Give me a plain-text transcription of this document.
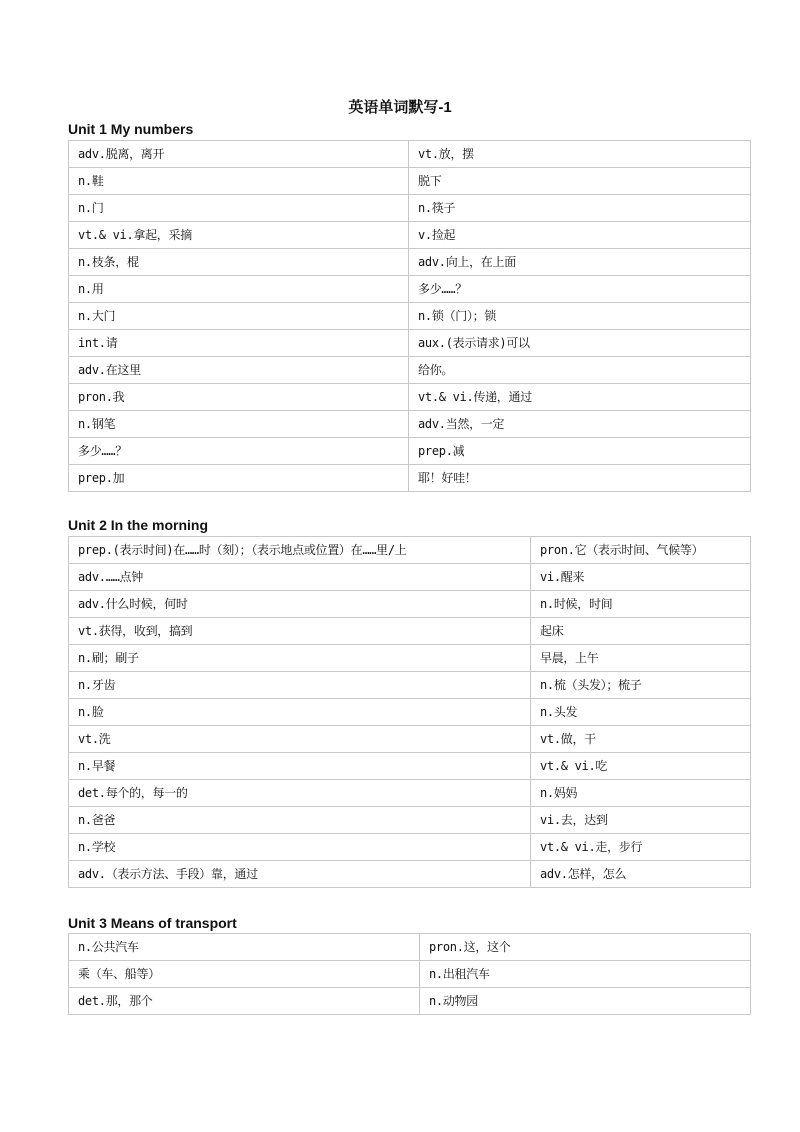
英语单词默写-1
Unit 1 My numbers
adv.脱离，离开	vt.放，摆
n.鞋	脱下
n.门	n.筷子
vt.& vi.拿起，采摘	v.捡起
n.枝条，棍	adv.向上，在上面
n.用	多少……？
n.大门	n.锁（门）；锁
int.请	aux.(表示请求)可以
adv.在这里	给你。
pron.我	vt.& vi.传递，通过
n.钢笔	adv.当然，一定
多少……？	prep.减
prep.加	耶！好哇！
Unit 2 In the morning
prep.(表示时间)在……时（刻）；（表示地点或位置）在……里/上	pron.它（表示时间、气候等）
adv.……点钟	vi.醒来
adv.什么时候，何时	n.时候，时间
vt.获得，收到，搞到	起床
n.刷；刷子	早晨，上午
n.牙齿	n.梳（头发）；梳子
n.脸	n.头发
vt.洗	vt.做，干
n.早餐	vt.& vi.吃
det.每个的，每一的	n.妈妈
n.爸爸	vi.去，达到
n.学校	vt.& vi.走，步行
adv.（表示方法、手段）靠，通过	adv.怎样，怎么
Unit 3 Means of transport
n.公共汽车	pron.这，这个
乘（车、船等）	n.出租汽车
det.那，那个	n.动物园
